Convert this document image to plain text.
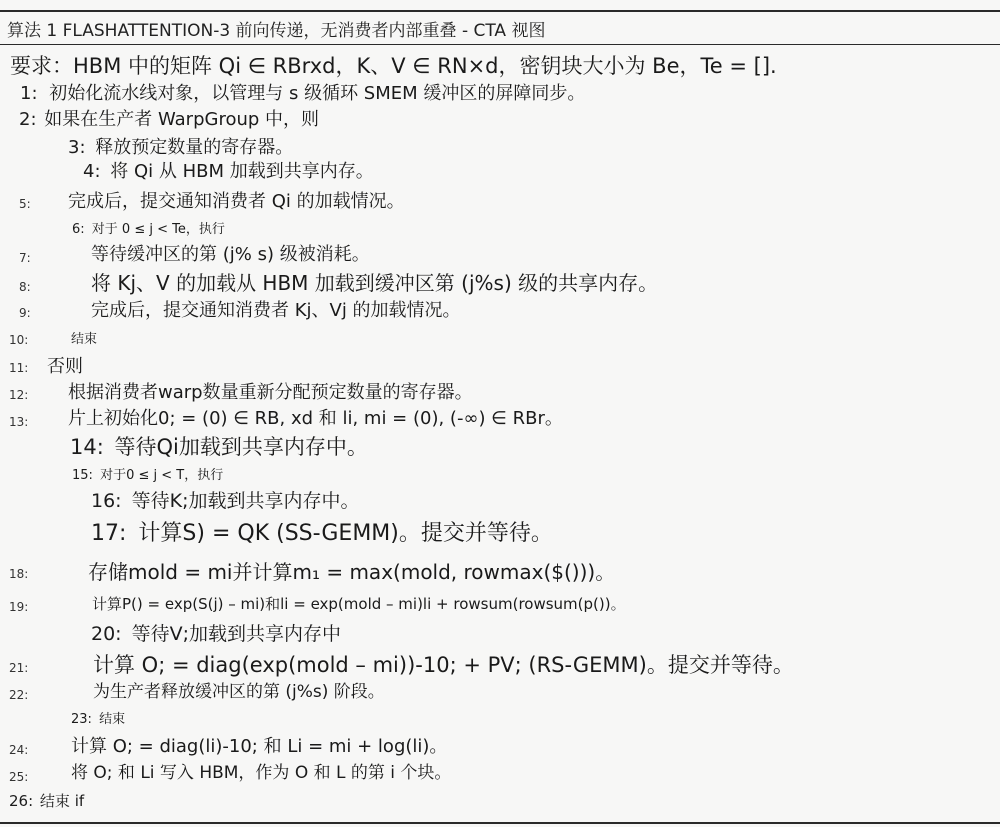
算法 1 FLASHATTENTION-3 前向传递，无消费者内部重叠 - CTA 视图
要求：HBM 中的矩阵 Qi ∈ RBrxd，K、V ∈ RN×d，密钥块大小为 Be，Te = [].
1: 初始化流水线对象，以管理与 s 级循环 SMEM 缓冲区的屏障同步。
2: 如果在生产者 WarpGroup 中，则
3: 释放预定数量的寄存器。
4: 将 Qi 从 HBM 加载到共享内存。
5: 完成后，提交通知消费者 Qi 的加载情况。
6: 对于 0 ≤ j < Te，执行
7:	等待缓冲区的第 (j% s) 级被消耗。
8:	将 Kj、V 的加载从 HBM 加载到缓冲区第 (j%s) 级的共享内存。
9:	完成后，提交通知消费者 Kj、Vj 的加载情况。
10:	结束
11: 否则
12: 根据消费者warp数量重新分配预定数量的寄存器。
13: 片上初始化0; = (0) ∈ RB, xd 和 li, mi = (0), (-∞) ∈ RBr。
14: 等待Qi加载到共享内存中。
15: 对于0 ≤ j < T，执行
16: 等待K;加载到共享内存中。
17: 计算S) = QK (SS-GEMM)。提交并等待。
18:	存储mold = mi并计算m₁ = max(mold, rowmax($()))。
19:	计算P() = exp(S(j) – mi)和li = exp(mold – mi)li + rowsum(rowsum(p())。
20: 等待V;加载到共享内存中
21:	计算 O; = diag(exp(mold – mi))-10; + PV; (RS-GEMM)。提交并等待。
22:	为生产者释放缓冲区的第 (j%s) 阶段。
23: 结束
24: 计算 O; = diag(li)-10; 和 Li = mi + log(li)。
25:	将 O; 和 Li 写入 HBM，作为 O 和 L 的第 i 个块。
26: 结束 if
